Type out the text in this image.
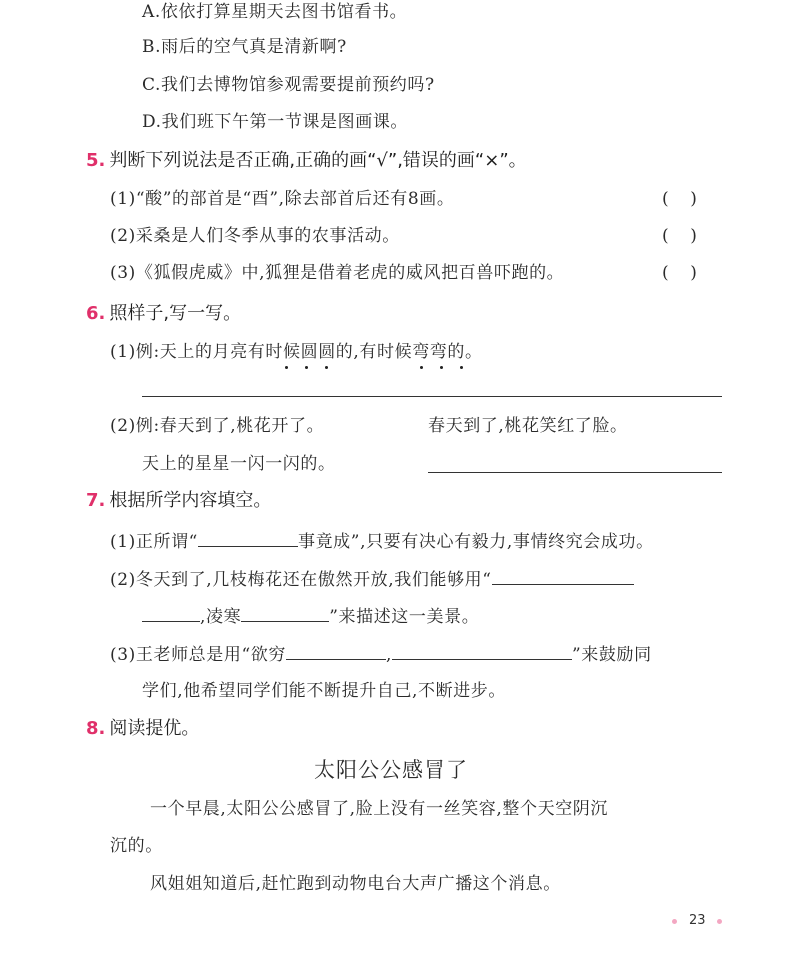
A.依依打算星期天去图书馆看书。
B.雨后的空气真是清新啊?
C.我们去博物馆参观需要提前预约吗?
D.我们班下午第一节课是图画课。
5. 判断下列说法是否正确,正确的画“√”,错误的画“×”。
(1)“酸”的部首是“酉”,除去部首后还有8画。	(    )
(2)采桑是人们冬季从事的农事活动。	(    )
(3)《狐假虎威》中,狐狸是借着老虎的威风把百兽吓跑的。	(    )
6. 照样子,写一写。
(1)例:天上的月亮有时候圆圆的,有时候弯弯的。
(2)例:春天到了,桃花开了。	春天到了,桃花笑红了脸。
天上的星星一闪一闪的。
7. 根据所学内容填空。
(1)正所谓“	事竟成”,只要有决心有毅力,事情终究会成功。
(2)冬天到了,几枝梅花还在傲然开放,我们能够用“
,凌寒	”来描述这一美景。
(3)王老师总是用“欲穷	,	”来鼓励同
学们,他希望同学们能不断提升自己,不断进步。
8. 阅读提优。
太阳公公感冒了
一个早晨,太阳公公感冒了,脸上没有一丝笑容,整个天空阴沉
沉的。
风姐姐知道后,赶忙跑到动物电台大声广播这个消息。
23
